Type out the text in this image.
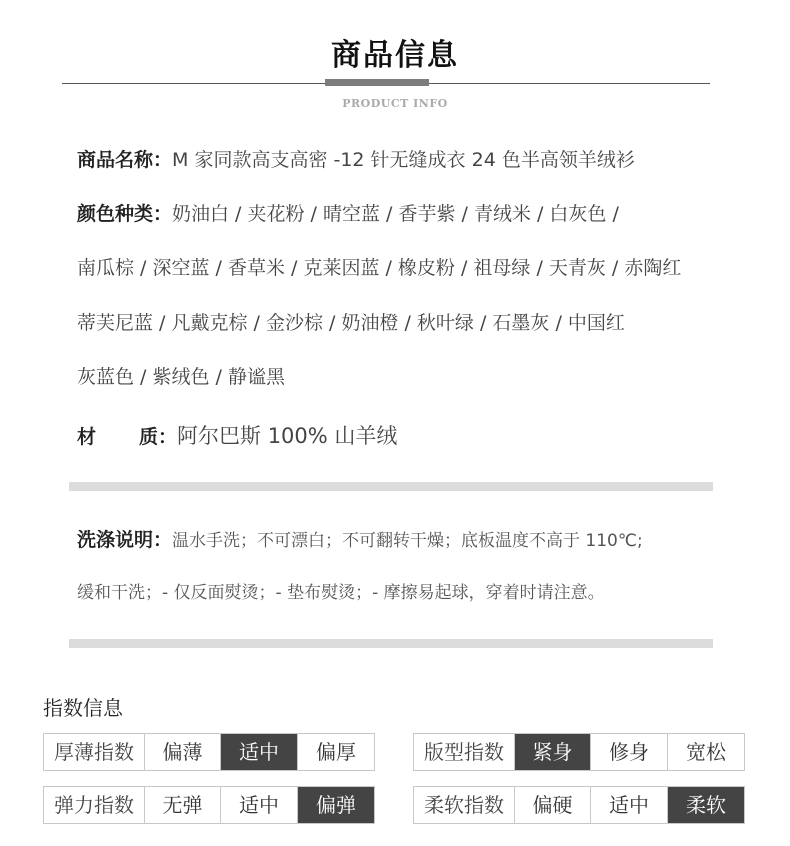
商品信息
PRODUCT INFO
商品名称：M 家同款高支高密 -12 针无缝成衣 24 色半高领羊绒衫
颜色种类：奶油白 / 夹花粉 / 晴空蓝 / 香芋紫 / 青绒米 / 白灰色 /
南瓜棕 / 深空蓝 / 香草米 / 克莱因蓝 / 橡皮粉 / 祖母绿 / 天青灰 / 赤陶红
蒂芙尼蓝 / 凡戴克棕 / 金沙棕 / 奶油橙 / 秋叶绿 / 石墨灰 / 中国红
灰蓝色 / 紫绒色 / 静谧黑
材 质：阿尔巴斯 100% 山羊绒
洗涤说明：温水手洗；不可漂白；不可翻转干燥；底板温度不高于 110℃;
缓和干洗；- 仅反面熨烫；- 垫布熨烫；- 摩擦易起球，穿着时请注意。
指数信息
厚薄指数	偏薄	适中	偏厚	版型指数	紧身	修身	宽松
弹力指数	无弹	适中	偏弹	柔软指数	偏硬	适中	柔软
